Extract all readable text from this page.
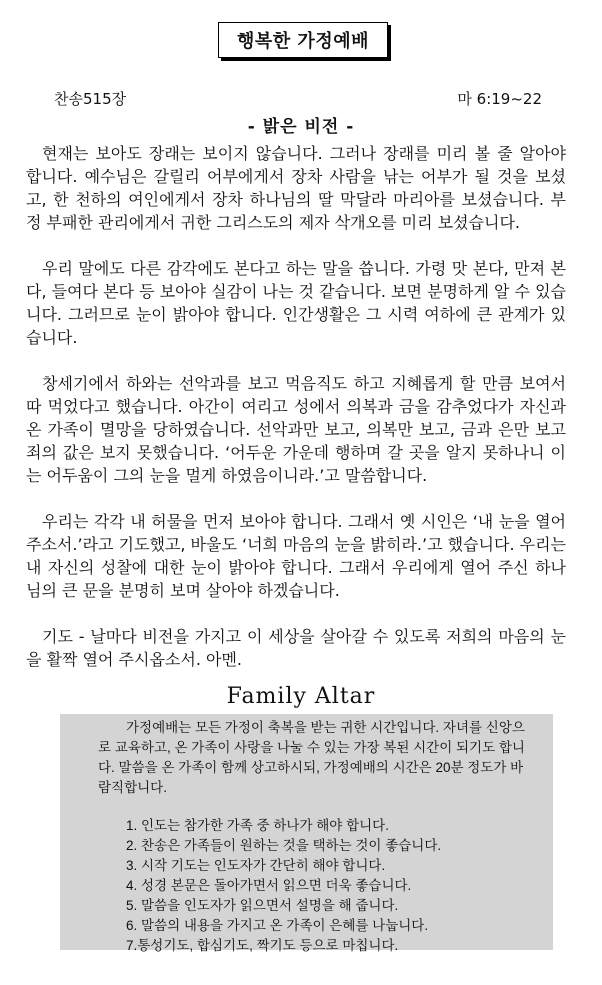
행복한 가정예배
찬송515장	마 6:19~22
- 밝은 비전 -

현재는 보아도 장래는 보이지 않습니다. 그러나 장래를 미리 볼 줄 알아야 합니다. 예수님은 갈릴리 어부에게서 장차 사람을 낚는 어부가 될 것을 보셨고, 한 천하의 여인에게서 장차 하나님의 딸 막달라 마리아를 보셨습니다. 부정 부패한 관리에게서 귀한 그리스도의 제자 삭개오를 미리 보셨습니다.

우리 말에도 다른 감각에도 본다고 하는 말을 씁니다. 가령 맛 본다, 만져 본다, 들여다 본다 등 보아야 실감이 나는 것 같습니다. 보면 분명하게 알 수 있습니다. 그러므로 눈이 밝아야 합니다. 인간생활은 그 시력 여하에 큰 관계가 있습니다.

창세기에서 하와는 선악과를 보고 먹음직도 하고 지혜롭게 할 만큼 보여서 따 먹었다고 했습니다. 아간이 여리고 성에서 의복과 금을 감추었다가 자신과 온 가족이 멸망을 당하였습니다. 선악과만 보고, 의복만 보고, 금과 은만 보고 죄의 값은 보지 못했습니다. ‘어두운 가운데 행하며 갈 곳을 알지 못하나니 이는 어두움이 그의 눈을 멀게 하였음이니라.’고 말씀합니다.

우리는 각각 내 허물을 먼저 보아야 합니다. 그래서 옛 시인은 ‘내 눈을 열어 주소서.’라고 기도했고, 바울도 ‘너희 마음의 눈을 밝히라.’고 했습니다. 우리는 내 자신의 성찰에 대한 눈이 밝아야 합니다. 그래서 우리에게 열어 주신 하나님의 큰 문을 분명히 보며 살아야 하겠습니다.

기도 - 날마다 비전을 가지고 이 세상을 살아갈 수 있도록 저희의 마음의 눈을 활짝 열어 주시옵소서. 아멘.

Family Altar

가정예배는 모든 가정이 축복을 받는 귀한 시간입니다. 자녀를 신앙으로 교육하고, 온 가족이 사랑을 나눌 수 있는 가장 복된 시간이 되기도 합니다. 말씀을 온 가족이 함께 상고하시되, 가정예배의 시간은 20분 정도가 바람직합니다.

1. 인도는 참가한 가족 중 하나가 해야 합니다.
2. 찬송은 가족들이 원하는 것을 택하는 것이 좋습니다.
3. 시작 기도는 인도자가 간단히 해야 합니다.
4. 성경 본문은 돌아가면서 읽으면 더욱 좋습니다.
5. 말씀을 인도자가 읽으면서 설명을 해 줍니다.
6. 말씀의 내용을 가지고 온 가족이 은혜를 나눕니다.
7.통성기도, 합심기도, 짝기도 등으로 마칩니다.
